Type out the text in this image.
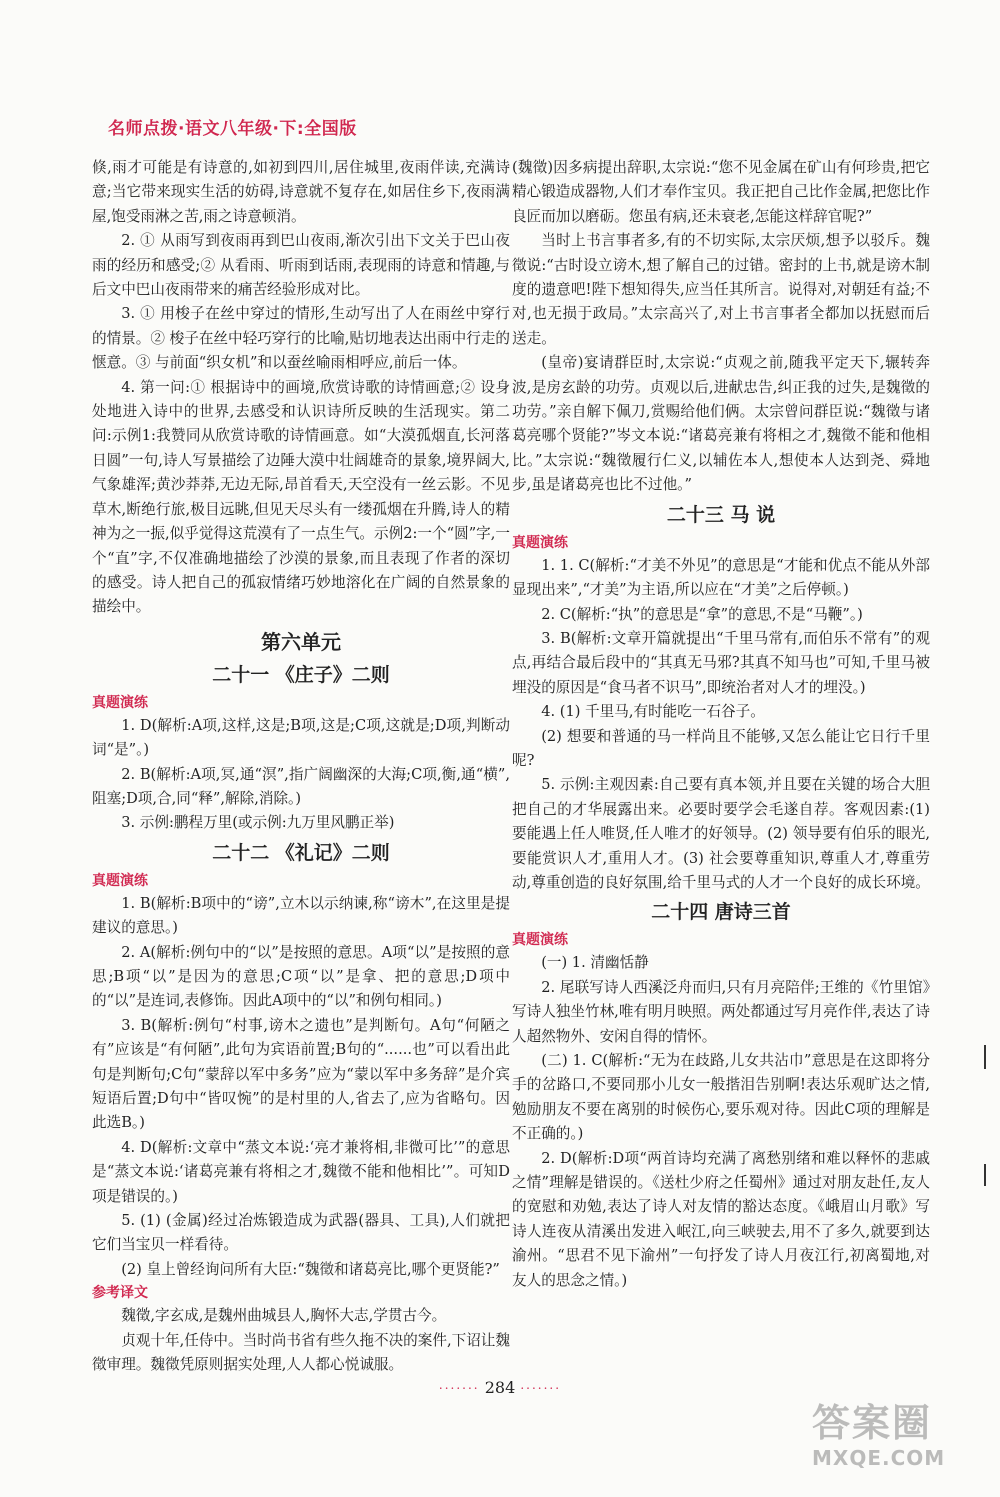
名师点拨·语文八年级·下:全国版

倏,雨才可能是有诗意的,如初到四川,居住城里,夜雨伴读,充满诗意;当它带来现实生活的妨碍,诗意就不复存在,如居住乡下,夜雨满屋,饱受雨淋之苦,雨之诗意顿消。

2. ① 从雨写到夜雨再到巴山夜雨,渐次引出下文关于巴山夜雨的经历和感受;② 从看雨、听雨到话雨,表现雨的诗意和情趣,与后文中巴山夜雨带来的痛苦经验形成对比。

3. ① 用梭子在丝中穿过的情形,生动写出了人在雨丝中穿行的情景。② 梭子在丝中轻巧穿行的比喻,贴切地表达出雨中行走的惬意。③ 与前面“织女机”和以蚕丝喻雨相呼应,前后一体。

4. 第一问:① 根据诗中的画境,欣赏诗歌的诗情画意;② 设身处地进入诗中的世界,去感受和认识诗所反映的生活现实。第二问:示例1:我赞同从欣赏诗歌的诗情画意。如“大漠孤烟直,长河落日圆”一句,诗人写景描绘了边陲大漠中壮阔雄奇的景象,境界阔大,气象雄浑;黄沙莽莽,无边无际,昂首看天,天空没有一丝云影。不见草木,断绝行旅,极目远眺,但见天尽头有一缕孤烟在升腾,诗人的精神为之一振,似乎觉得这荒漠有了一点生气。示例2:一个“圆”字,一个“直”字,不仅准确地描绘了沙漠的景象,而且表现了作者的深切的感受。诗人把自己的孤寂情绪巧妙地溶化在广阔的自然景象的描绘中。

第六单元

二十一 《庄子》二则

真题演练

1. D(解析:A项,这样,这是;B项,这是;C项,这就是;D项,判断动词“是”。)

2. B(解析:A项,冥,通“溟”,指广阔幽深的大海;C项,衡,通“横”,阻塞;D项,合,同“释”,解除,消除。)

3. 示例:鹏程万里(或示例:九万里风鹏正举)

二十二 《礼记》二则

真题演练

1. B(解析:B项中的“谤”,立木以示纳谏,称“谤木”,在这里是提建议的意思。)

2. A(解析:例句中的“以”是按照的意思。A项“以”是按照的意思;B项“以”是因为的意思;C项“以”是拿、把的意思;D项中的“以”是连词,表修饰。因此A项中的“以”和例句相同。)

3. B(解析:例句“村事,谤木之遗也”是判断句。A句“何陋之有”应该是“有何陋”,此句为宾语前置;B句的“......也”可以看出此句是判断句;C句“蒙辞以军中多务”应为“蒙以军中多务辞”是介宾短语后置;D句中“皆叹惋”的是村里的人,省去了,应为省略句。因此选B。)

4. D(解析:文章中“蒸文本说:‘亮才兼将相,非微可比’”的意思是“蒸文本说:‘诸葛亮兼有将相之才,魏徵不能和他相比’”。可知D项是错误的。)

5. (1) (金属)经过冶炼锻造成为武器(器具、工具),人们就把它们当宝贝一样看待。

(2) 皇上曾经询问所有大臣:“魏徵和诸葛亮比,哪个更贤能?”

参考译文

魏徵,字玄成,是魏州曲城县人,胸怀大志,学贯古今。

贞观十年,任侍中。当时尚书省有些久拖不决的案件,下诏让魏徵审理。魏徵凭原则据实处理,人人都心悦诚服。

(魏徵)因多病提出辞职,太宗说:“您不见金属在矿山有何珍贵,把它精心锻造成器物,人们才奉作宝贝。我正把自己比作金属,把您比作良匠而加以磨砺。您虽有病,还未衰老,怎能这样辞官呢?”

当时上书言事者多,有的不切实际,太宗厌烦,想予以驳斥。魏徵说:“古时设立谤木,想了解自己的过错。密封的上书,就是谤木制度的遗意吧!陛下想知得失,应当任其所言。说得对,对朝廷有益;不对,也无损于政局。”太宗高兴了,对上书言事者全都加以抚慰而后送走。

(皇帝)宴请群臣时,太宗说:“贞观之前,随我平定天下,辗转奔波,是房玄龄的功劳。贞观以后,进献忠告,纠正我的过失,是魏徵的功劳。”亲自解下佩刀,赏赐给他们俩。太宗曾问群臣说:“魏徵与诸葛亮哪个贤能?”岑文本说:“诸葛亮兼有将相之才,魏徵不能和他相比。”太宗说:“魏徵履行仁义,以辅佐本人,想使本人达到尧、舜地步,虽是诸葛亮也比不过他。”

二十三 马 说

真题演练

1. 1. C(解析:“才美不外见”的意思是“才能和优点不能从外部显现出来”,“才美”为主语,所以应在“才美”之后停顿。)

2. C(解析:“执”的意思是“拿”的意思,不是“马鞭”。)

3. B(解析:文章开篇就提出“千里马常有,而伯乐不常有”的观点,再结合最后段中的“其真无马邪?其真不知马也”可知,千里马被埋没的原因是“食马者不识马”,即统治者对人才的埋没。)

4. (1) 千里马,有时能吃一石谷子。

(2) 想要和普通的马一样尚且不能够,又怎么能让它日行千里呢?

5. 示例:主观因素:自己要有真本领,并且要在关键的场合大胆把自己的才华展露出来。必要时要学会毛遂自荐。客观因素:(1) 要能遇上任人唯贤,任人唯才的好领导。(2) 领导要有伯乐的眼光,要能赏识人才,重用人才。(3) 社会要尊重知识,尊重人才,尊重劳动,尊重创造的良好氛围,给千里马式的人才一个良好的成长环境。

二十四 唐诗三首

真题演练

(一) 1. 清幽恬静

2. 尾联写诗人西溪泛舟而归,只有月亮陪伴;王维的《竹里馆》写诗人独坐竹林,唯有明月映照。两处都通过写月亮作伴,表达了诗人超然物外、安闲自得的情怀。

(二) 1. C(解析:“无为在歧路,儿女共沾巾”意思是在这即将分手的岔路口,不要同那小儿女一般揩泪告别啊!表达乐观旷达之情,勉励朋友不要在离别的时候伤心,要乐观对待。因此C项的理解是不正确的。)

2. D(解析:D项“两首诗均充满了离愁别绪和难以释怀的悲戚之情”理解是错误的。《送杜少府之任蜀州》通过对朋友赴任,友人的宽慰和劝勉,表达了诗人对友情的豁达态度。《峨眉山月歌》写诗人连夜从清溪出发进入岷江,向三峡驶去,用不了多久,就要到达渝州。“思君不见下渝州”一句抒发了诗人月夜江行,初离蜀地,对友人的思念之情。)

······· 284 ·······
答案圈
MXQE.COM
